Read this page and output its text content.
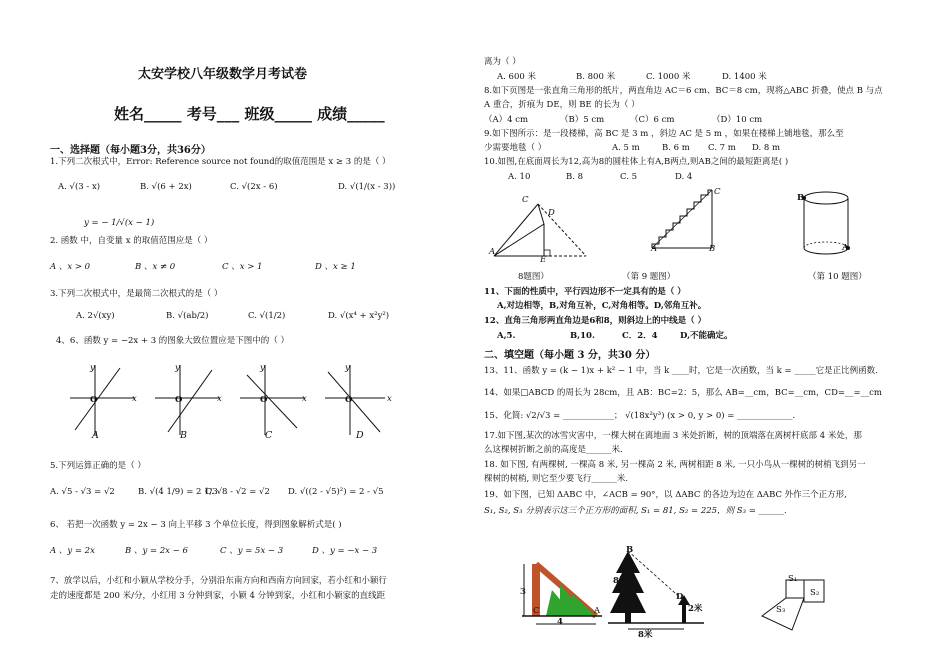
太安学校八年级数学月考试卷
姓名_____ 考号___ 班级_____ 成绩_____
一、选择题（每小题3分，共36分）
1.下列二次根式中，Error: Reference source not found的取值范围是 x ≥ 3 的是（ ）
A. √(3 - x)	B. √(6 + 2x)	C. √(2x - 6)	D. √(1/(x - 3))
y = − 1/√(x − 1)
2. 函数 中，自变量 x 的取值范围应是（ ）
A 、x > 0	B 、x ≠ 0	C 、x > 1	D 、x ≥ 1
3.下列二次根式中，是最简二次根式的是（ ）
A. 2√(xy)	B. √(ab/2)	C. √(1/2)	D. √(x⁴ + x²y²)
4、6、函数 y = −2x + 3 的图象大致位置应是下图中的（ ）
y
x
O
y
x
O
y
x
O
y
x
O
A	B	C	D
5.下列运算正确的是（ ）
A. √5 - √3 = √2	B. √(4 1/9) = 2 1/3
C. √8 - √2 = √2 D. √((2 - √5)²) = 2 - √5
6、 若把一次函数 y = 2x − 3 向上平移 3 个单位长度，得到图象解析式是( )
A 、y = 2x	B 、y = 2x − 6	C 、y = 5x − 3	D 、y = −x − 3
7、放学以后，小红和小颖从学校分手，分别沿东南方向和西南方向回家，若小红和小颖行
走的速度都是 200 米/分，小红用 3 分钟到家，小颖 4 分钟到家，小红和小颖家的直线距
离为（ ）
A. 600 米	B. 800 米	C. 1000 米	D. 1400 米
8.如下页图是一张直角三角形的纸片，两直角边 AC＝6 cm、BC＝8 cm，现将△ABC 折叠，使点 B 与点
A 重合，折痕为 DE，则 BE 的长为（ ）
（A）4 cm	（B）5 cm	（C）6 cm	（D）10 cm
9.如下图所示：是一段楼梯，高 BC 是 3 m ，斜边 AC 是 5 m ，如果在楼梯上铺地毯，那么至
少需要地毯（ ）	A. 5 m	B. 6 m C. 7 m D. 8 m
10.如图,在底面周长为12,高为8的圆柱体上有A,B两点,则AB之间的最短距离是( )
A. 10	B. 8	C. 5	D. 4
C
D
A
E
8题图）
C
A	B
（第 9 题图）
B
A
（第 10 题图）
11、下面的性质中，平行四边形不一定具有的是（ ）
A,对边相等，B,对角互补，C,对角相等。D,邻角互补。
12、直角三角形两直角边是6和8，则斜边上的中线是（ ）
A,5.	B,10.	C．2．4	D,不能确定。
二、填空题（每小题 3 分，共30 分）
13、11、函数 y = (k − 1)x + k² − 1 中，当 k ____时，它是一次函数，当 k = _____它是正比例函数.
14、如果□ABCD 的周长为 28cm，且 AB：BC=2：5，那么 AB=__cm，BC=__cm，CD=__=__cm
15、化简: √2/√3 = ____________； √(18x²y³) (x > 0, y > 0) = _____________.
17.如下图,某次的冰雪灾害中，一棵大树在离地面 3 米处折断，树的顶端落在离树杆底部 4 米处，那
么这棵树折断之前的高度是______米.
18. 如下图, 有两棵树, 一棵高 8 米, 另一棵高 2 米, 两树相距 8 米, 一只小鸟从一棵树的树梢飞到另一
棵树的树梢, 则它至少要飞行______米.
19、如下图，已知 ΔABC 中，∠ACB = 90°，以 ΔABC 的各边为边在 ΔABC 外作三个正方形,
S₁, S₂, S₃ 分别表示这三个正方形的面积, S₁ = 81, S₂ = 225，则 S₃ = ______.
3
4
C	A
B
8米
D
2米
8米
S₁
S₂
S₃
